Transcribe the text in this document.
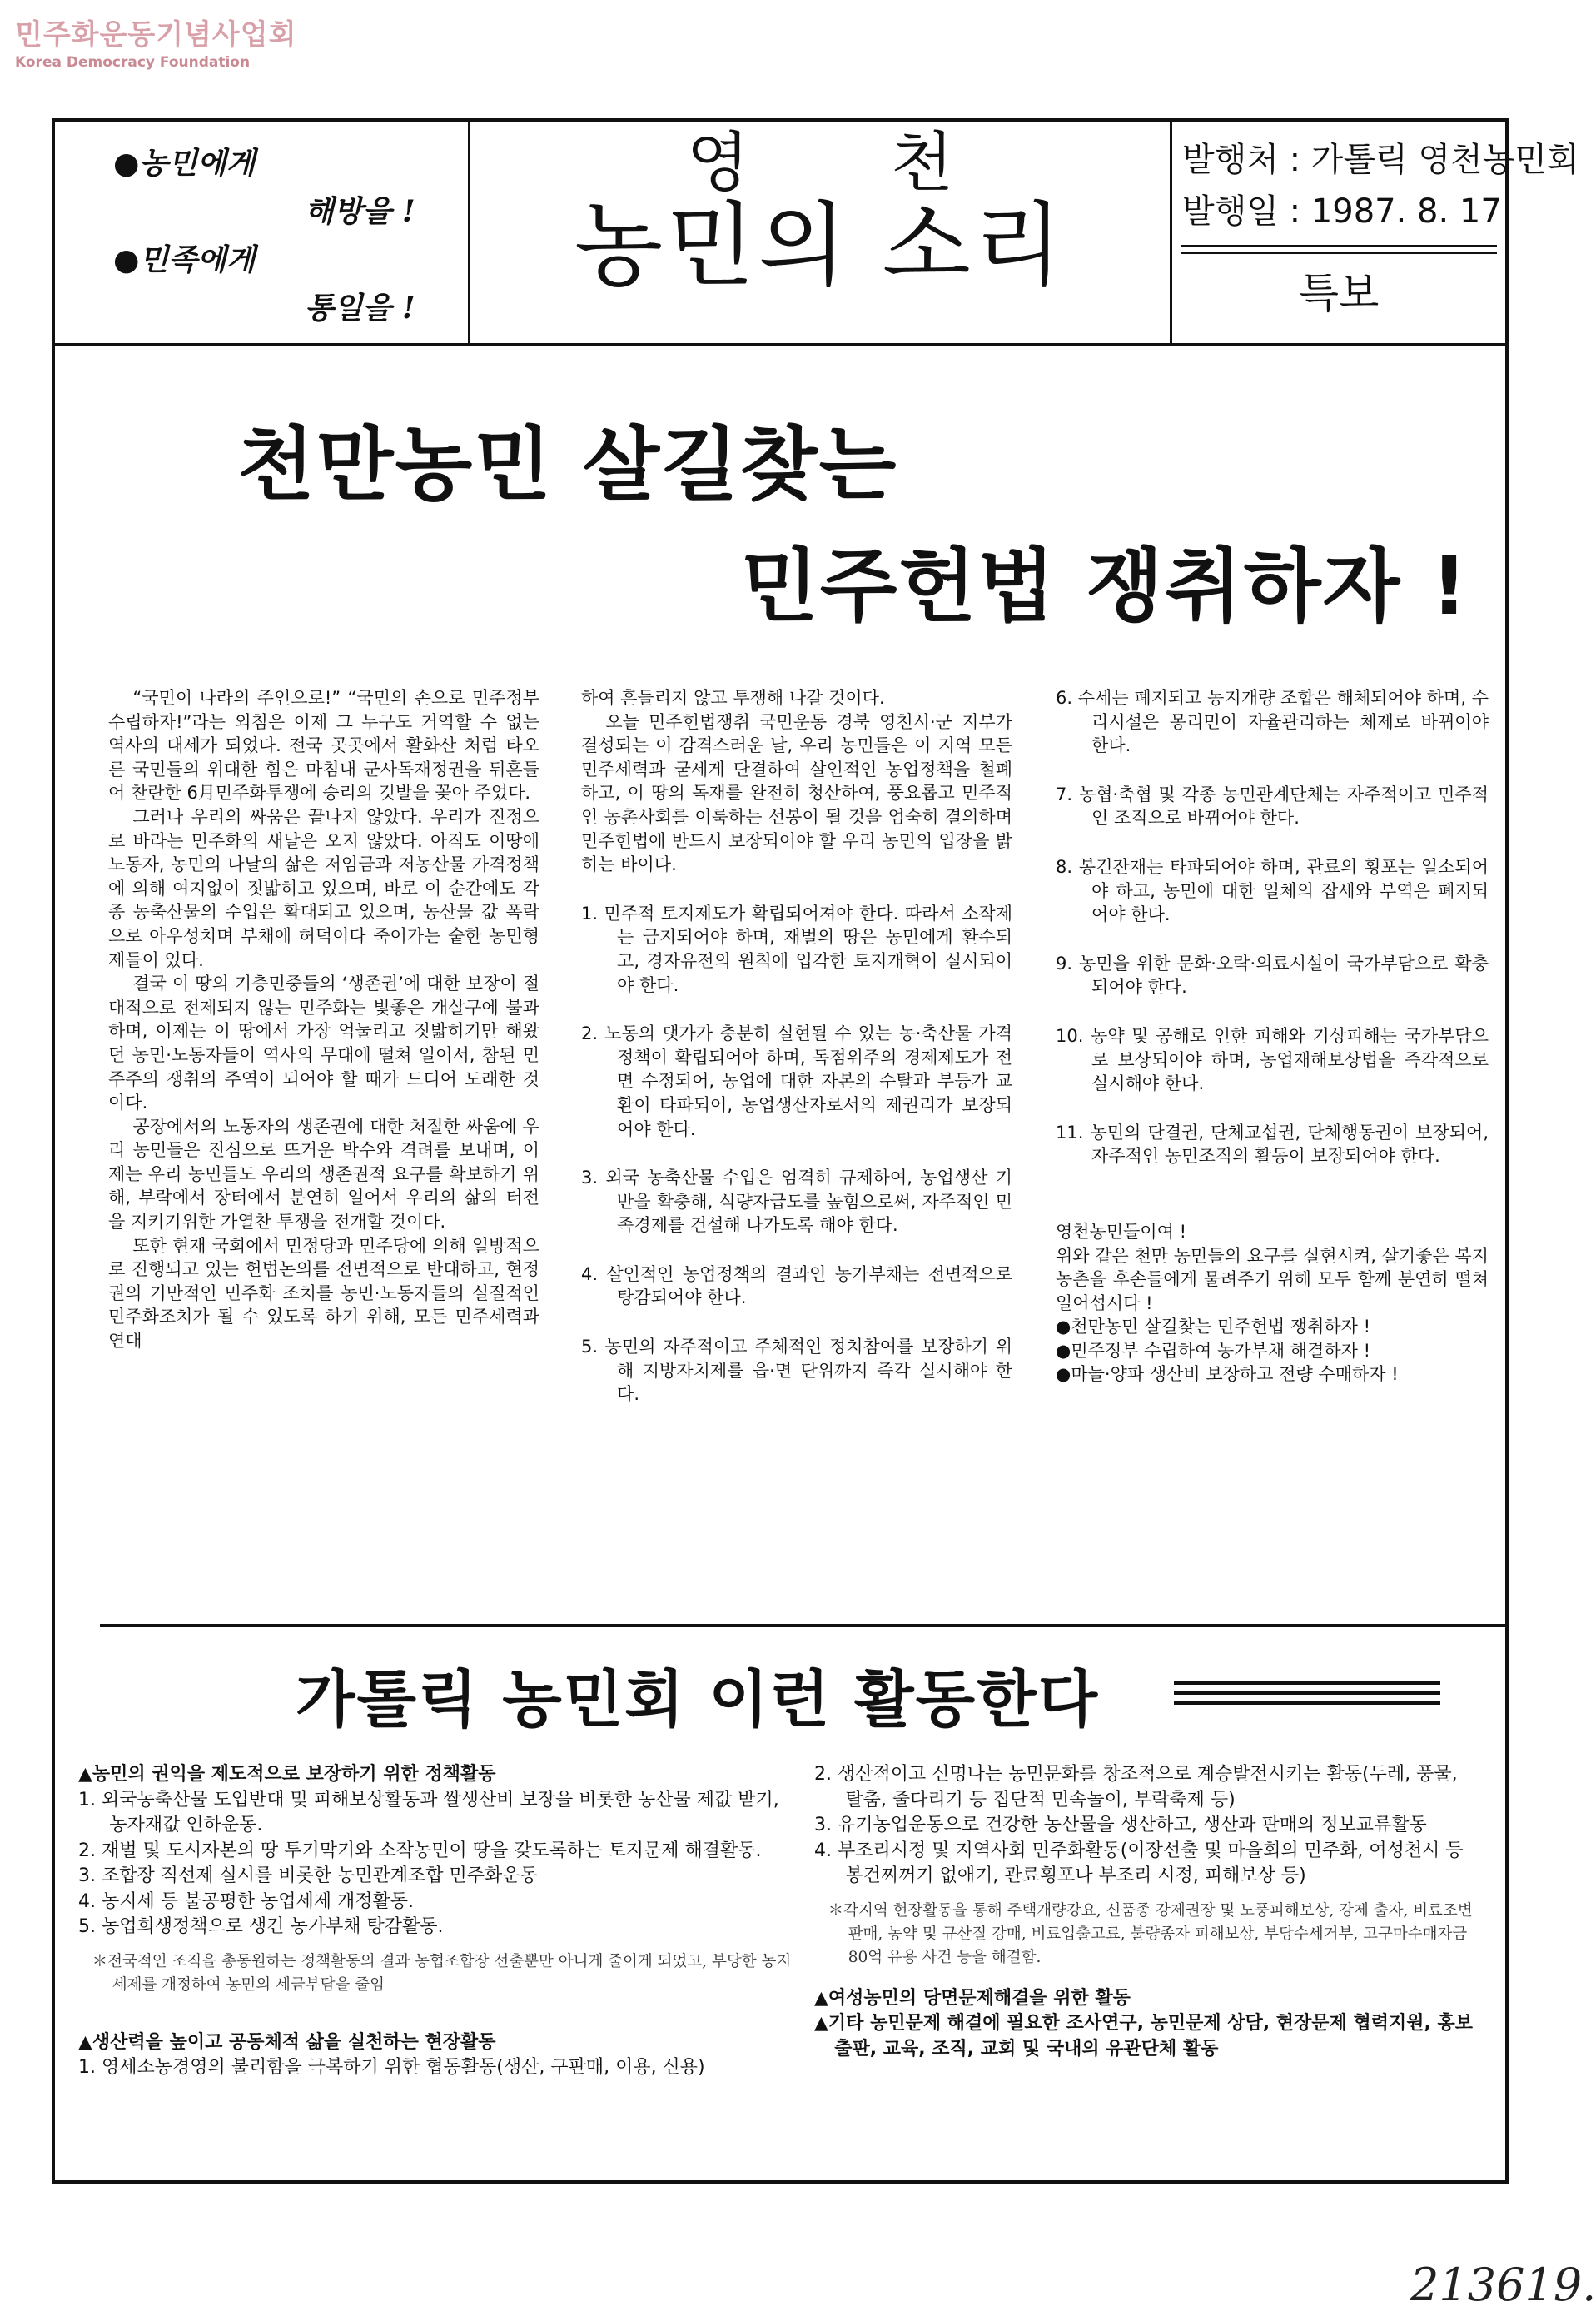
민주화운동기념사업회
Korea Democracy Foundation
●농민에게
해방을 !
●민족에게
통일을 !
영천
농민의 소리
발행처 : 가톨릭 영천농민회
발행일 : 1987. 8. 17
특보
천만농민 살길찾는
민주헌법 쟁취하자 !

“국민이 나라의 주인으로!” “국민의 손으로 민주정부 수립하자!”라는 외침은 이제 그 누구도 거역할 수 없는 역사의 대세가 되었다. 전국 곳곳에서 활화산 처럼 타오른 국민들의 위대한 힘은 마침내 군사독재정권을 뒤흔들어 찬란한 6月민주화투쟁에 승리의 깃발을 꽂아 주었다.

그러나 우리의 싸움은 끝나지 않았다. 우리가 진정으로 바라는 민주화의 새날은 오지 않았다. 아직도 이땅에 노동자, 농민의 나날의 삶은 저임금과 저농산물 가격정책에 의해 여지없이 짓밟히고 있으며, 바로 이 순간에도 각종 농축산물의 수입은 확대되고 있으며, 농산물 값 폭락으로 아우성치며 부채에 허덕이다 죽어가는 숱한 농민형제들이 있다.

결국 이 땅의 기층민중들의 ‘생존권’에 대한 보장이 절대적으로 전제되지 않는 민주화는 빛좋은 개살구에 불과하며, 이제는 이 땅에서 가장 억눌리고 짓밟히기만 해왔던 농민·노동자들이 역사의 무대에 떨쳐 일어서, 참된 민주주의 쟁취의 주역이 되어야 할 때가 드디어 도래한 것이다.

공장에서의 노동자의 생존권에 대한 처절한 싸움에 우리 농민들은 진심으로 뜨거운 박수와 격려를 보내며, 이제는 우리 농민들도 우리의 생존권적 요구를 확보하기 위해, 부락에서 장터에서 분연히 일어서 우리의 삶의 터전을 지키기위한 가열찬 투쟁을 전개할 것이다.

또한 현재 국회에서 민정당과 민주당에 의해 일방적으로 진행되고 있는 헌법논의를 전면적으로 반대하고, 현정권의 기만적인 민주화 조치를 농민·노동자들의 실질적인 민주화조치가 될 수 있도록 하기 위해, 모든 민주세력과 연대

하여 흔들리지 않고 투쟁해 나갈 것이다.
오늘 민주헌법쟁취 국민운동 경북 영천시·군 지부가 결성되는 이 감격스러운 날, 우리 농민들은 이 지역 모든 민주세력과 굳세게 단결하여 살인적인 농업정책을 철폐하고, 이 땅의 독재를 완전히 청산하여, 풍요롭고 민주적인 농촌사회를 이룩하는 선봉이 될 것을 엄숙히 결의하며 민주헌법에 반드시 보장되어야 할 우리 농민의 입장을 밝히는 바이다.
1. 민주적 토지제도가 확립되어져야 한다. 따라서 소작제는 금지되어야 하며, 재벌의 땅은 농민에게 환수되고, 경자유전의 원칙에 입각한 토지개혁이 실시되어야 한다.
2. 노동의 댓가가 충분히 실현될 수 있는 농·축산물 가격정책이 확립되어야 하며, 독점위주의 경제제도가 전면 수정되어, 농업에 대한 자본의 수탈과 부등가 교환이 타파되어, 농업생산자로서의 제권리가 보장되어야 한다.
3. 외국 농축산물 수입은 엄격히 규제하여, 농업생산 기반을 확충해, 식량자급도를 높힘으로써, 자주적인 민족경제를 건설해 나가도록 해야 한다.
4. 살인적인 농업정책의 결과인 농가부채는 전면적으로 탕감되어야 한다.
5. 농민의 자주적이고 주체적인 정치참여를 보장하기 위해 지방자치제를 읍·면 단위까지 즉각 실시해야 한다.
6. 수세는 폐지되고 농지개량 조합은 해체되어야 하며, 수리시설은 몽리민이 자율관리하는 체제로 바뀌어야 한다.
7. 농협·축협 및 각종 농민관계단체는 자주적이고 민주적인 조직으로 바뀌어야 한다.
8. 봉건잔재는 타파되어야 하며, 관료의 횡포는 일소되어야 하고, 농민에 대한 일체의 잡세와 부역은 폐지되어야 한다.
9. 농민을 위한 문화·오락·의료시설이 국가부담으로 확충되어야 한다.
10. 농약 및 공해로 인한 피해와 기상피해는 국가부담으로 보상되어야 하며, 농업재해보상법을 즉각적으로 실시해야 한다.
11. 농민의 단결권, 단체교섭권, 단체행동권이 보장되어, 자주적인 농민조직의 활동이 보장되어야 한다.
영천농민들이여 !
위와 같은 천만 농민들의 요구를 실현시켜, 살기좋은 복지농촌을 후손들에게 물려주기 위해 모두 함께 분연히 떨쳐 일어섭시다 !
●천만농민 살길찾는 민주헌법 쟁취하자 !
●민주정부 수립하여 농가부채 해결하자 !
●마늘·양파 생산비 보장하고 전량 수매하자 !
가톨릭 농민회 이런 활동한다
▲농민의 권익을 제도적으로 보장하기 위한 정책활동
1. 외국농축산물 도입반대 및 피해보상활동과 쌀생산비 보장을 비롯한 농산물 제값 받기, 농자재값 인하운동.
2. 재벌 및 도시자본의 땅 투기막기와 소작농민이 땅을 갖도록하는 토지문제 해결활동.
3. 조합장 직선제 실시를 비롯한 농민관계조합 민주화운동
4. 농지세 등 불공평한 농업세제 개정활동.
5. 농업희생정책으로 생긴 농가부채 탕감활동.
＊전국적인 조직을 총동원하는 정책활동의 결과 농협조합장 선출뿐만 아니게 줄이게 되었고, 부당한 농지세제를 개정하여 농민의 세금부담을 줄임
▲생산력을 높이고 공동체적 삶을 실천하는 현장활동
1. 영세소농경영의 불리함을 극복하기 위한 협동활동(생산, 구판매, 이용, 신용)
2. 생산적이고 신명나는 농민문화를 창조적으로 계승발전시키는 활동(두레, 풍물, 탈춤, 줄다리기 등 집단적 민속놀이, 부락축제 등)
3. 유기농업운동으로 건강한 농산물을 생산하고, 생산과 판매의 정보교류활동
4. 부조리시정 및 지역사회 민주화활동(이장선출 및 마을회의 민주화, 여성천시 등 봉건찌꺼기 없애기, 관료횡포나 부조리 시정, 피해보상 등)
＊각지역 현장활동을 통해 주택개량강요, 신품종 강제권장 및 노풍피해보상, 강제 출자, 비료조변판매, 농약 및 규산질 강매, 비료입출고료, 불량종자 피해보상, 부당수세거부, 고구마수매자금 80억 유용 사건 등을 해결함.
▲여성농민의 당면문제해결을 위한 활동
▲기타 농민문제 해결에 필요한 조사연구, 농민문제 상담, 현장문제 협력지원, 홍보출판, 교육, 조직, 교회 및 국내의 유관단체 활동
213619.
